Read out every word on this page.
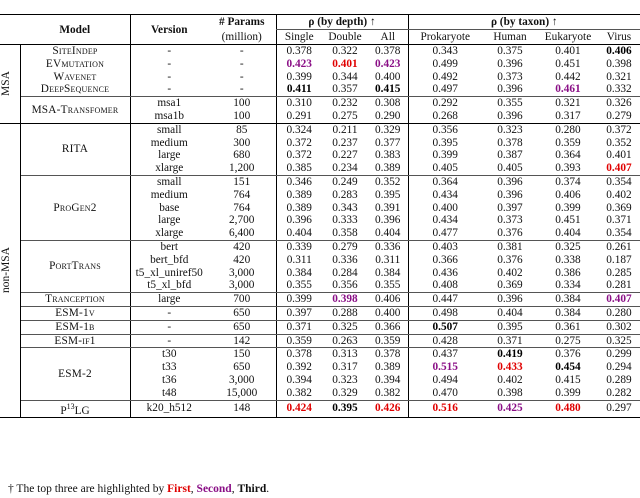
	Model	Version	# Params	ρ (by depth) ↑			ρ (by taxon) ↑			
			(million)	Single	Double	All	Prokaryote	Human	Eukaryote	Virus

MSA	SiteIndep	-	-	0.378	0.322	0.378	0.343	0.375	0.401	0.406
	EVmutation	-	-	0.423	0.401	0.423	0.499	0.396	0.451	0.398
	Wavenet	-	-	0.399	0.344	0.400	0.492	0.373	0.442	0.321
	DeepSequence	-	-	0.411	0.357	0.415	0.497	0.396	0.461	0.332
	MSA-Transfomer	msa1	100	0.310	0.232	0.308	0.292	0.355	0.321	0.326
		msa1b	100	0.291	0.275	0.290	0.268	0.396	0.317	0.279

non-MSA	RITA	small	85	0.324	0.211	0.329	0.356	0.323	0.280	0.372
		medium	300	0.372	0.237	0.377	0.395	0.378	0.359	0.352
		large	680	0.372	0.227	0.383	0.399	0.387	0.364	0.401
		xlarge	1,200	0.385	0.234	0.389	0.405	0.405	0.393	0.407
	ProGen2	small	151	0.346	0.249	0.352	0.364	0.396	0.374	0.354
		medium	764	0.389	0.283	0.395	0.434	0.396	0.406	0.402
		base	764	0.389	0.343	0.391	0.400	0.397	0.399	0.369
		large	2,700	0.396	0.333	0.396	0.434	0.373	0.451	0.371
		xlarge	6,400	0.404	0.358	0.404	0.477	0.376	0.404	0.354
	PortTrans	bert	420	0.339	0.279	0.336	0.403	0.381	0.325	0.261
		bert_bfd	420	0.311	0.336	0.311	0.366	0.376	0.338	0.187
		t5_xl_uniref50	3,000	0.384	0.284	0.384	0.436	0.402	0.386	0.285
		t5_xl_bfd	3,000	0.355	0.356	0.355	0.408	0.369	0.334	0.281
	Tranception	large	700	0.399	0.398	0.406	0.447	0.396	0.384	0.407
	ESM-1v	-	650	0.397	0.288	0.400	0.498	0.404	0.384	0.280
	ESM-1b	-	650	0.371	0.325	0.366	0.507	0.395	0.361	0.302
	ESM-if1	-	142	0.359	0.263	0.359	0.428	0.371	0.275	0.325
	ESM-2	t30	150	0.378	0.313	0.378	0.437	0.419	0.376	0.299
		t33	650	0.392	0.317	0.389	0.515	0.433	0.454	0.294
		t36	3,000	0.394	0.323	0.394	0.494	0.402	0.415	0.289
		t48	15,000	0.382	0.329	0.382	0.470	0.398	0.399	0.282
	$P^{13}LG$	k20_h512	148	0.424	0.395	0.426	0.516	0.425	0.480	0.297
† The top three are highlighted by First, Second, Third.
